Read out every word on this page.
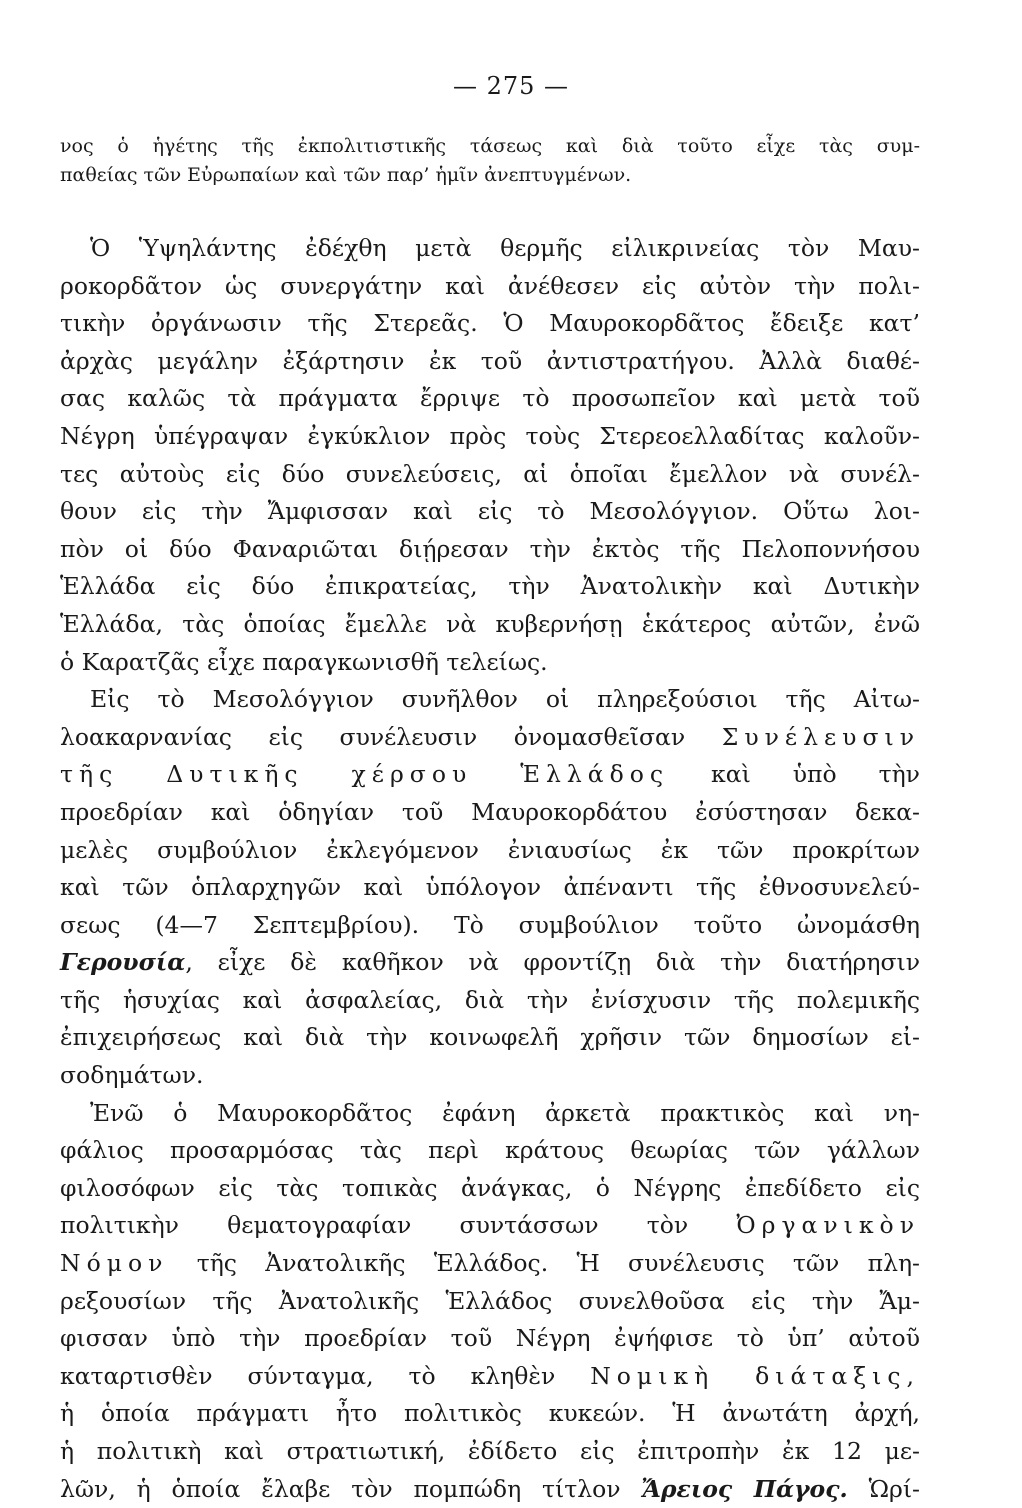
— 275 —
νος ὁ ἡγέτης τῆς ἐκπολιτιστικῆς τάσεως καὶ διὰ τοῦτο εἶχε τὰς συμ-
παθείας τῶν Εὐρωπαίων καὶ τῶν παρ’ ἡμῖν ἀνεπτυγμένων.
Ὁ Ὑψηλάντης ἐδέχθη μετὰ θερμῆς εἰλικρινείας τὸν Μαυ-
ροκορδᾶτον ὡς συνεργάτην καὶ ἀνέθεσεν εἰς αὐτὸν τὴν πολι-
τικὴν ὀργάνωσιν τῆς Στερεᾶς. Ὁ Μαυροκορδᾶτος ἔδειξε κατ’
ἀρχὰς μεγάλην ἐξάρτησιν ἐκ τοῦ ἀντιστρατήγου. Ἀλλὰ διαθέ-
σας καλῶς τὰ πράγματα ἔρριψε τὸ προσωπεῖον καὶ μετὰ τοῦ
Νέγρη ὑπέγραψαν ἐγκύκλιον πρὸς τοὺς Στερεοελλαδίτας καλοῦν-
τες αὐτοὺς εἰς δύο συνελεύσεις, αἱ ὁποῖαι ἔμελλον νὰ συνέλ-
θουν εἰς τὴν Ἄμφισσαν καὶ εἰς τὸ Μεσολόγγιον. Οὕτω λοι-
πὸν οἱ δύο Φαναριῶται διῄρεσαν τὴν ἐκτὸς τῆς Πελοποννήσου
Ἑλλάδα εἰς δύο ἐπικρατείας, τὴν Ἀνατολικὴν καὶ Δυτικὴν
Ἑλλάδα, τὰς ὁποίας ἔμελλε νὰ κυβερνήσῃ ἑκάτερος αὐτῶν, ἐνῶ
ὁ Καρατζᾶς εἶχε παραγκωνισθῆ τελείως.
Εἰς τὸ Μεσολόγγιον συνῆλθον οἱ πληρεξούσιοι τῆς Αἰτω-
λοακαρνανίας εἰς συνέλευσιν ὀνομασθεῖσαν Συνέλευσιν
τῆς Δυτικῆς χέρσου Ἑλλάδος καὶ ὑπὸ τὴν
προεδρίαν καὶ ὁδηγίαν τοῦ Μαυροκορδάτου ἐσύστησαν δεκα-
μελὲς συμβούλιον ἐκλεγόμενον ἐνιαυσίως ἐκ τῶν προκρίτων
καὶ τῶν ὁπλαρχηγῶν καὶ ὑπόλογον ἀπέναντι τῆς ἐθνοσυνελεύ-
σεως (4—7 Σεπτεμβρίου). Τὸ συμβούλιον τοῦτο ὠνομάσθη
Γερουσία, εἶχε δὲ καθῆκον νὰ φροντίζῃ διὰ τὴν διατήρησιν
τῆς ἡσυχίας καὶ ἀσφαλείας, διὰ τὴν ἐνίσχυσιν τῆς πολεμικῆς
ἐπιχειρήσεως καὶ διὰ τὴν κοινωφελῆ χρῆσιν τῶν δημοσίων εἰ-
σοδημάτων.
Ἐνῶ ὁ Μαυροκορδᾶτος ἐφάνη ἀρκετὰ πρακτικὸς καὶ νη-
φάλιος προσαρμόσας τὰς περὶ κράτους θεωρίας τῶν γάλλων
φιλοσόφων εἰς τὰς τοπικὰς ἀνάγκας, ὁ Νέγρης ἐπεδίδετο εἰς
πολιτικὴν θεματογραφίαν συντάσσων τὸν Ὀργανικὸν
Νόμον τῆς Ἀνατολικῆς Ἑλλάδος. Ἡ συνέλευσις τῶν πλη-
ρεξουσίων τῆς Ἀνατολικῆς Ἑλλάδος συνελθοῦσα εἰς τὴν Ἄμ-
φισσαν ὑπὸ τὴν προεδρίαν τοῦ Νέγρη ἐψήφισε τὸ ὑπ’ αὐτοῦ
καταρτισθὲν σύνταγμα, τὸ κληθὲν Νομικὴ διάταξις,
ἡ ὁποία πράγματι ἦτο πολιτικὸς κυκεών. Ἡ ἀνωτάτη ἀρχή,
ἡ πολιτικὴ καὶ στρατιωτική, ἐδίδετο εἰς ἐπιτροπὴν ἐκ 12 με-
λῶν, ἡ ὁποία ἔλαβε τὸν πομπώδη τίτλον Ἄρειος Πάγος. Ὡρί-
